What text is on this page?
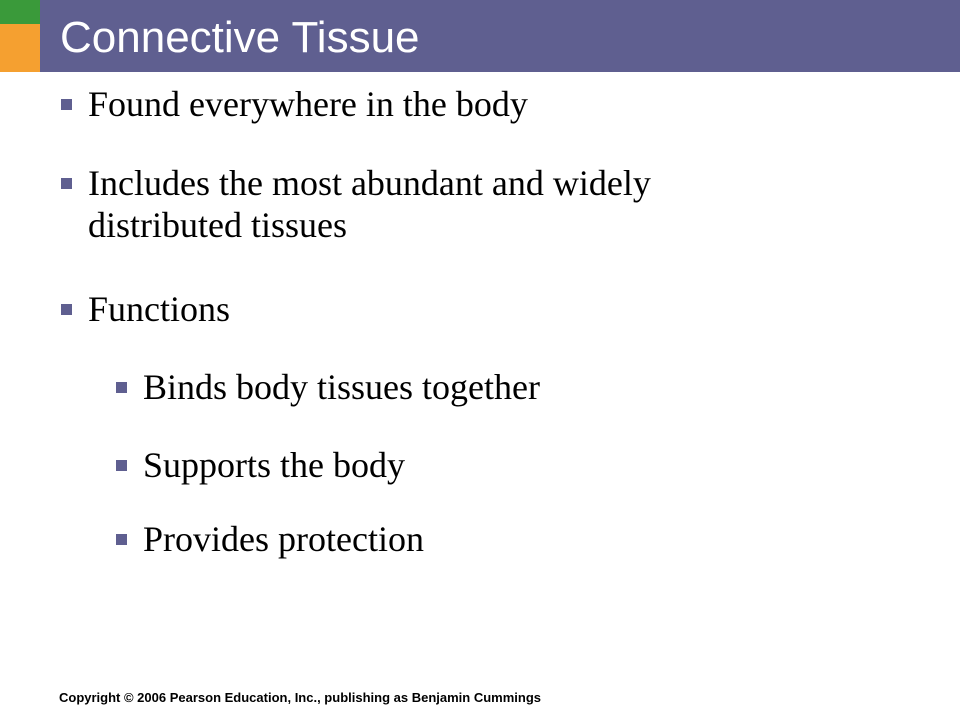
Connective Tissue
Found everywhere in the body
Includes the most abundant and widely distributed tissues
Functions
Binds body tissues together
Supports the body
Provides protection

Copyright © 2006 Pearson Education, Inc., publishing as Benjamin Cummings
